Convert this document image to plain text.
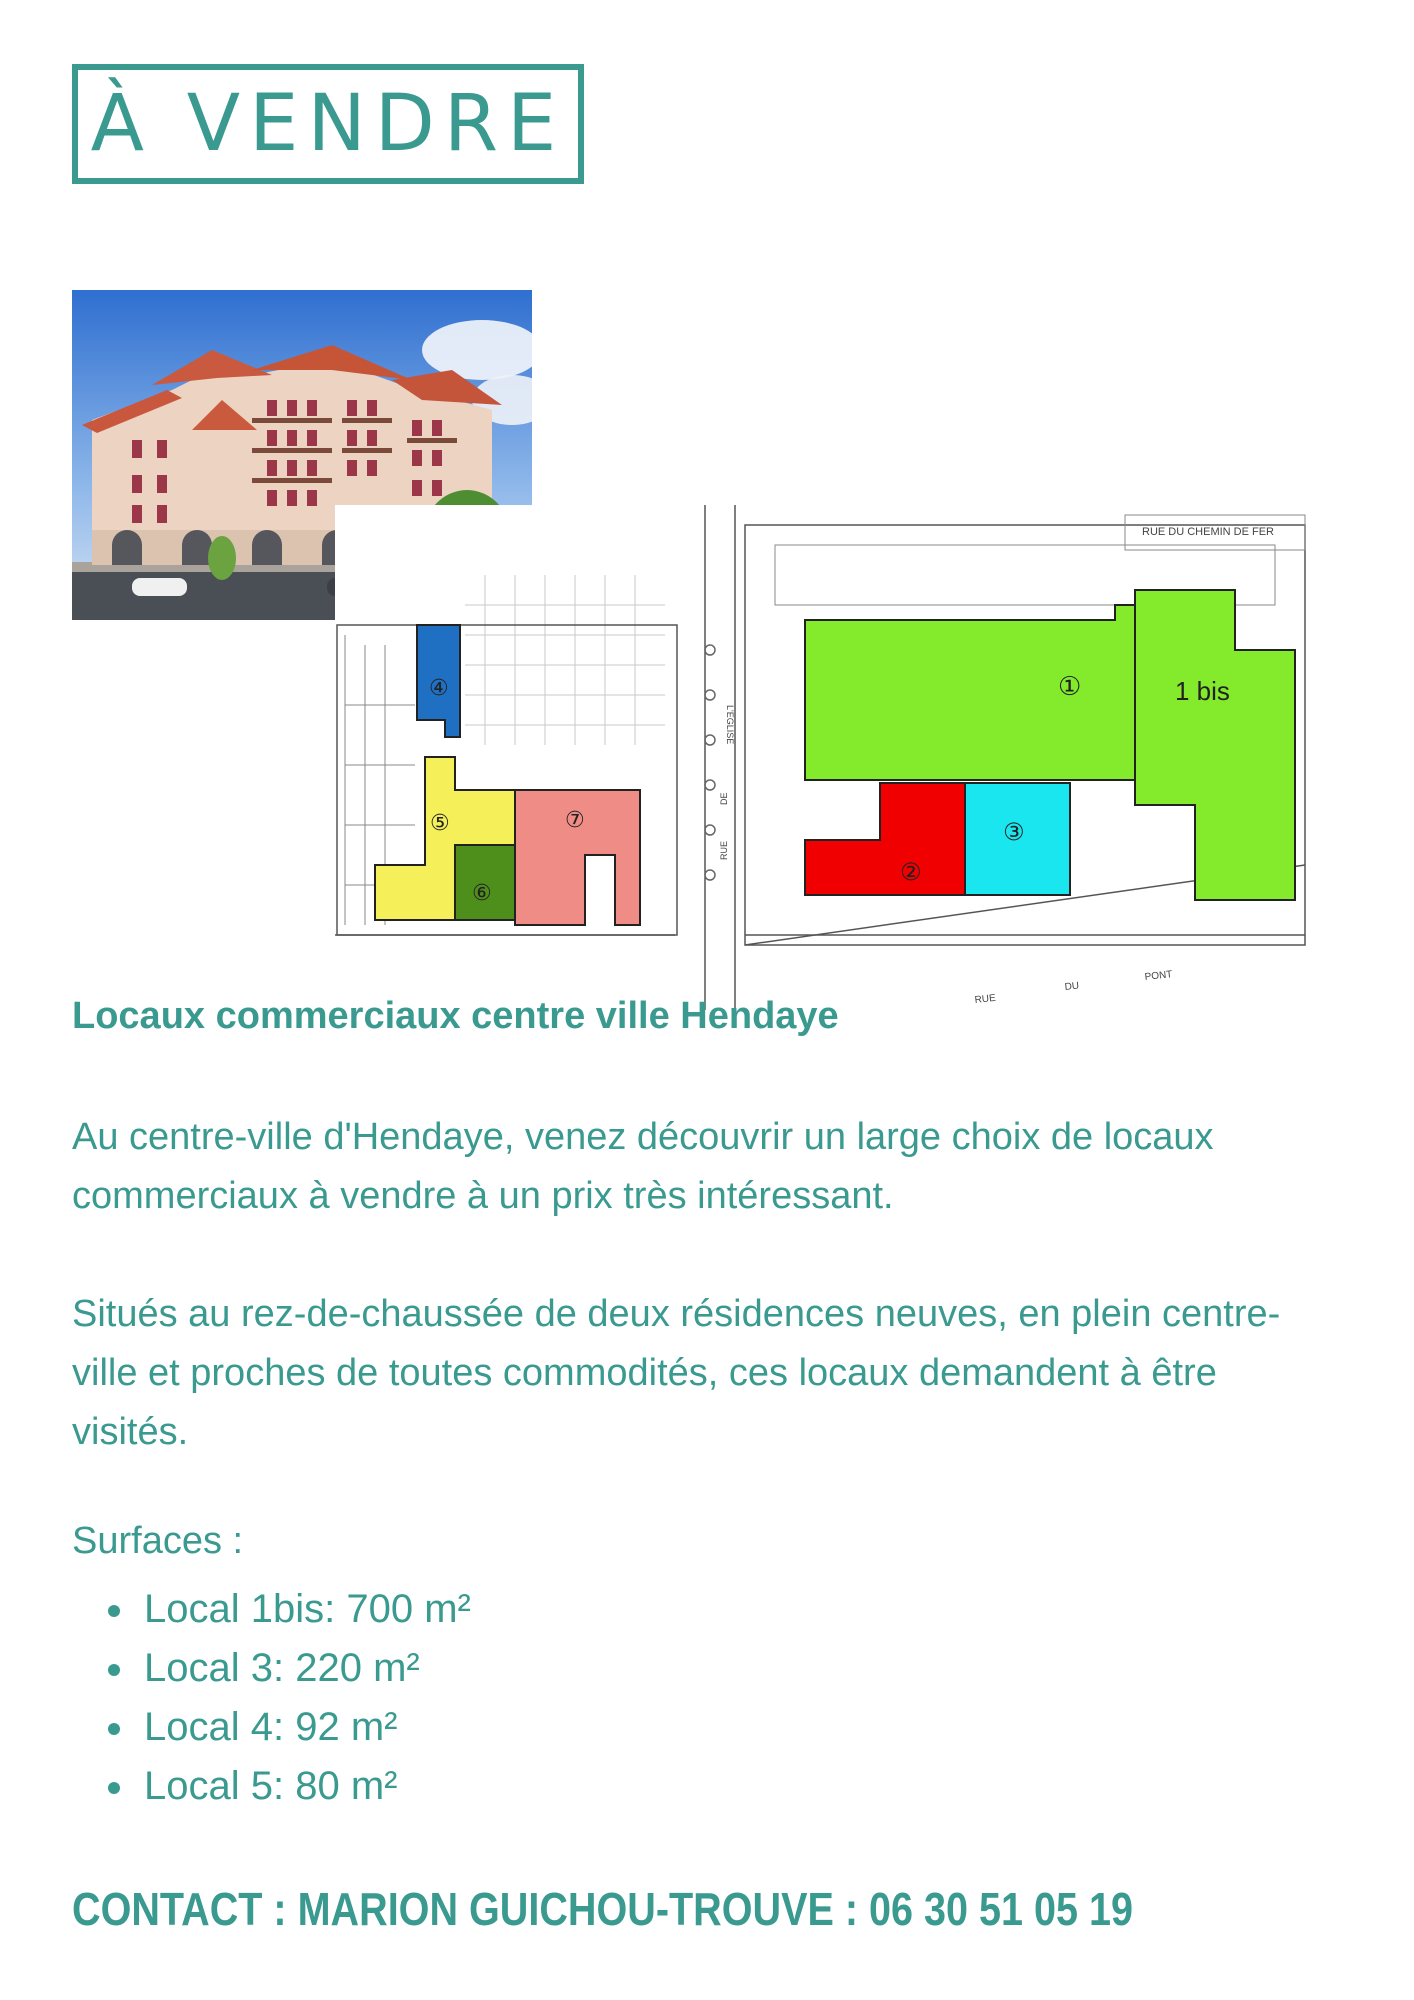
À VENDRE
RUE DU CHEMIN DE FER
RUE
DE
L'EGLISE
RUE
DU
PONT
①	1 bis
②
③
④
⑤
⑥
⑦
Locaux commerciaux centre ville Hendaye
Au centre-ville d'Hendaye, venez découvrir un large choix de locaux commerciaux à vendre à un prix très intéressant.
Situés au rez-de-chaussée de deux résidences neuves, en plein centre-ville et proches de toutes commodités, ces locaux demandent à être visités.
Surfaces :
Local 1bis: 700 m²
Local 3: 220 m²
Local 4: 92 m²
Local 5: 80 m²
CONTACT : MARION GUICHOU-TROUVE : 06 30 51 05 19
